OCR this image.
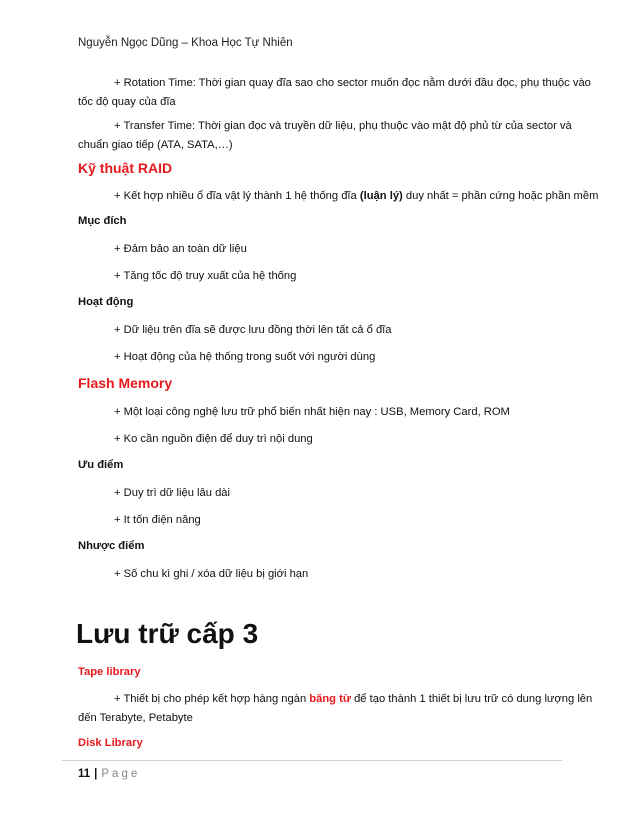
Nguyễn Ngọc Dũng – Khoa Học Tự Nhiên
+ Rotation Time: Thời gian quay đĩa sao cho sector muốn đọc nằm dưới đầu đọc, phụ thuộc vào
tốc độ quay của đĩa
+ Transfer Time: Thời gian đọc và truyền dữ liệu, phụ thuộc vào mật độ phủ từ của sector và
chuẩn giao tiếp (ATA, SATA,…)
Kỹ thuật RAID
+ Kết hợp nhiều ổ đĩa vật lý thành 1 hệ thống đĩa (luận lý) duy nhất = phần cứng hoặc phần mềm
Mục đích
+ Đảm bảo an toàn dữ liệu
+ Tăng tốc độ truy xuất của hệ thống
Hoạt động
+ Dữ liệu trên đĩa sẽ được lưu đồng thời lên tất cả ổ đĩa
+ Hoạt động của hệ thống trong suốt với người dùng
Flash Memory
+ Một loại công nghệ lưu trữ phổ biến nhất hiện nay : USB, Memory Card, ROM
+ Ko cần nguồn điện để duy trì nội dung
Ưu điểm
+ Duy trì dữ liệu lâu dài
+ It tốn điện năng
Nhược điểm
+ Số chu kì ghi / xóa dữ liệu bị giới hạn
Lưu trữ cấp 3
Tape library
+ Thiết bị cho phép kết hợp hàng ngàn băng từ để tạo thành 1 thiết bị lưu trữ có dung lượng lên
đến Terabyte, Petabyte
Disk Library
11 | Page
